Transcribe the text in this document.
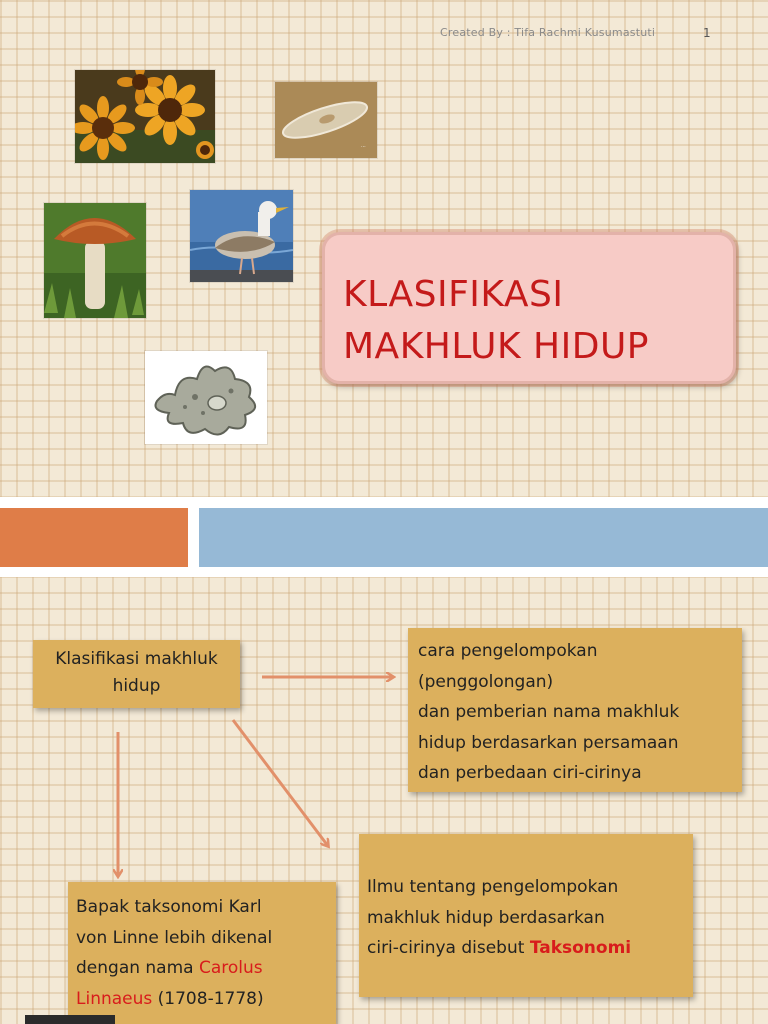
Created By : Tifa Rachmi Kusumastuti	1
···
KLASIFIKASI
MAKHLUK HIDUP
Klasifikasi makhluk
hidup
cara pengelompokan
(penggolongan)
dan pemberian nama makhluk
hidup berdasarkan persamaan
dan perbedaan ciri-cirinya
Ilmu tentang pengelompokan
makhluk hidup berdasarkan
ciri-cirinya disebut Taksonomi
Bapak taksonomi Karl
von Linne lebih dikenal
dengan nama Carolus
Linnaeus (1708-1778)
